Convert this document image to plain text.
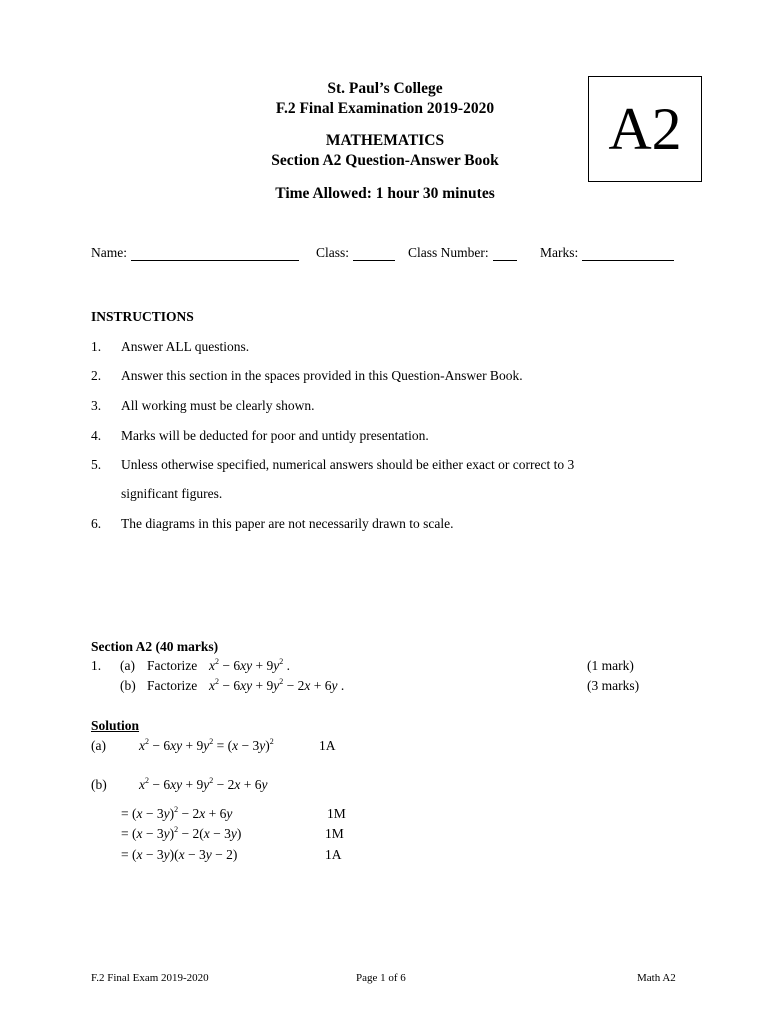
St. Paul’s College
F.2 Final Examination 2019-2020
MATHEMATICS
Section A2 Question-Answer Book
Time Allowed: 1 hour 30 minutes
A2
Name:	Class:	Class Number:	Marks:
INSTRUCTIONS
1. Answer ALL questions.
2. Answer this section in the spaces provided in this Question-Answer Book.
3. All working must be clearly shown.
4. Marks will be deducted for poor and untidy presentation.
5. Unless otherwise specified, numerical answers should be either exact or correct to 3
significant figures.
6. The diagrams in this paper are not necessarily drawn to scale.
Section A2 (40 marks)
1. (a) Factorize $x^2 - 6xy + 9y^2$ .	(1 mark)
(b) Factorize $x^2 - 6xy + 9y^2 - 2x + 6y$ .	(3 marks)
Solution
(a) $x^2 - 6xy + 9y^2 = (x - 3y)^2$	1A
(b) $x^2 - 6xy + 9y^2 - 2x + 6y$
= $(x - 3y)^2 - 2x + 6y$	1M
= $(x - 3y)^2 - 2(x - 3y)$	1M
= (x − 3y)(x − 3y − 2)	1A
F.2 Final Exam 2019-2020	Page 1 of 6	Math A2
